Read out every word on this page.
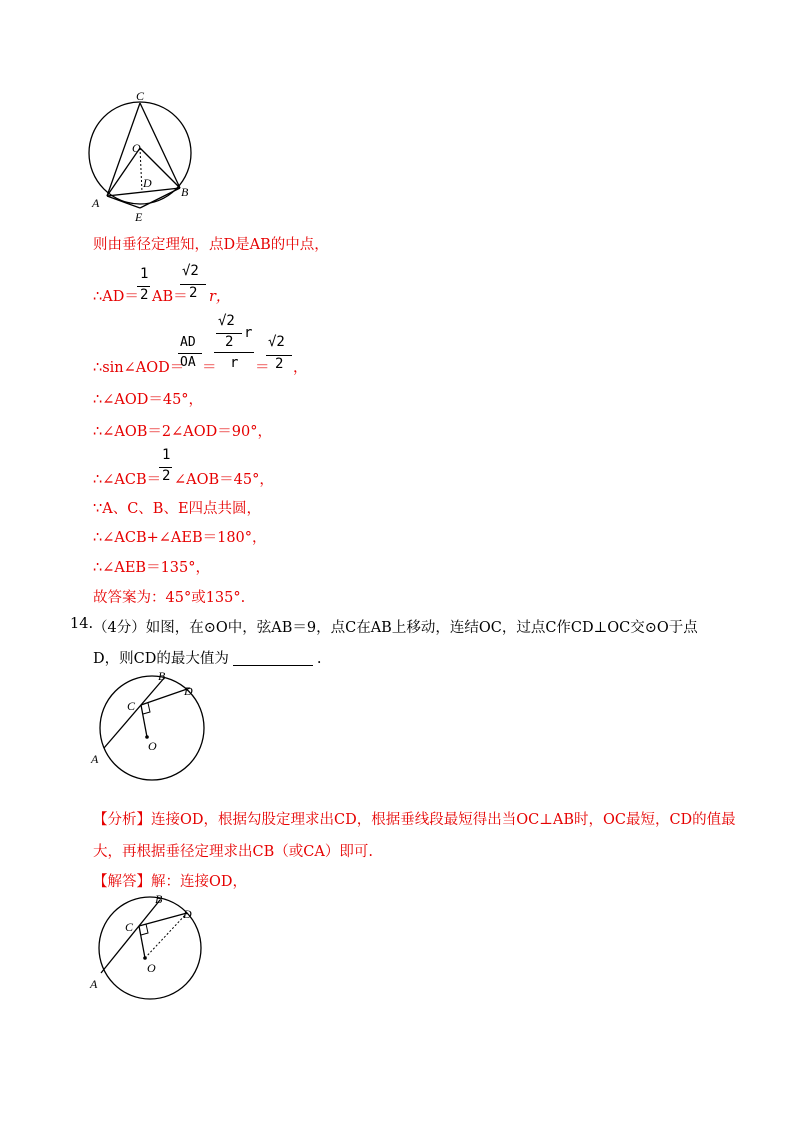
C
O
D
A
B
E
则由垂径定理知，点D是AB的中点，
∴AD＝
1
2 AB＝
√2
2 r，
∴sin∠AOD＝
AD
OA ＝
√2
2
r
r ＝
√2
2 ，
∴∠AOD＝45°，
∴∠AOB＝2∠AOD＝90°，
∴∠ACB＝
1
2 ∠AOB＝45°，
∵A、C、B、E四点共圆，
∴∠ACB+∠AEB＝180°，
∴∠AEB＝135°，
故答案为：45°或135°.
14. （4分）如图，在⊙O中，弦AB＝9，点C在AB上移动，连结OC，过点C作CD⊥OC交⊙O于点
D，则CD的最大值为	.
B
D
C
O
A
【分析】连接OD，根据勾股定理求出CD，根据垂线段最短得出当OC⊥AB时，OC最短，CD的值最
大，再根据垂径定理求出CB（或CA）即可.
【解答】解：连接OD，
B
D
C
O
A
